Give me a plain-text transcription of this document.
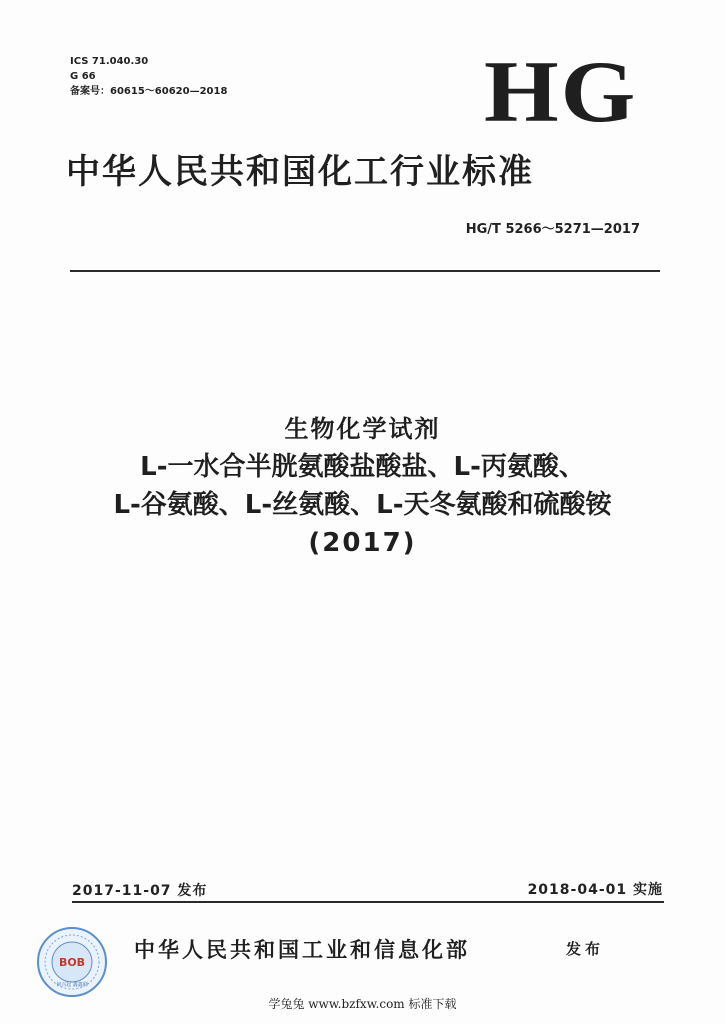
ICS 71.040.30
G 66
备案号：60615～60620—2018	HG
中华人民共和国化工行业标准
HG/T 5266～5271—2017
生物化学试剂
L-一水合半胱氨酸盐酸盐、L-丙氨酸、
L-谷氨酸、L-丝氨酸、L-天冬氨酸和硫酸铵
(2017)
2017-11-07 发布	2018-04-01 实施
BOB
何兴起 鑫鑫网
中华人民共和国工业和信息化部	发布
学兔兔 www.bzfxw.com 标准下载
